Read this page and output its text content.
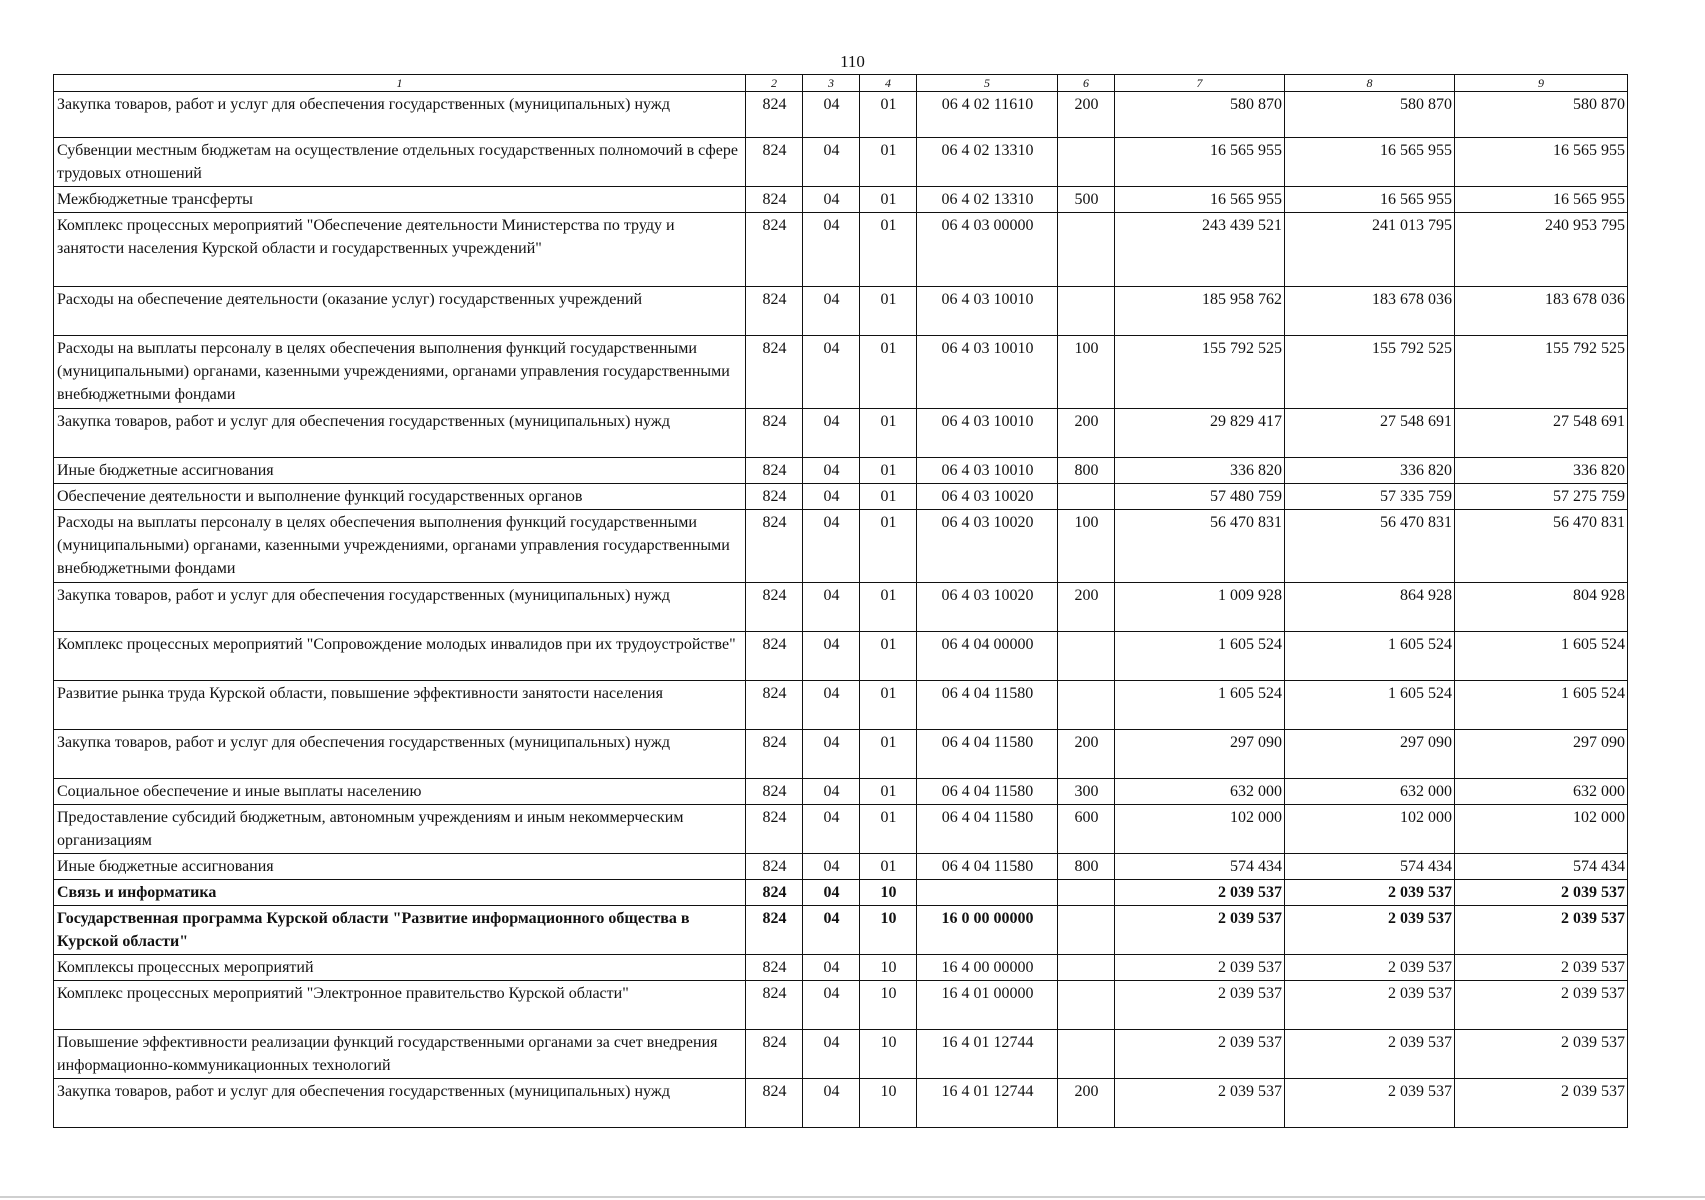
110
1	2	3	4	5	6	7	8	9
Закупка товаров, работ и услуг для обеспечения государственных (муниципальных) нужд	824	04	01	06 4 02 11610	200	580 870	580 870	580 870
Субвенции местным бюджетам на осуществление отдельных государственных полномочий в сфере трудовых отношений	824	04	01	06 4 02 13310		16 565 955	16 565 955	16 565 955
Межбюджетные трансферты	824	04	01	06 4 02 13310	500	16 565 955	16 565 955	16 565 955
Комплекс процессных мероприятий "Обеспечение деятельности Министерства по труду и занятости населения Курской области и государственных учреждений"	824	04	01	06 4 03 00000		243 439 521	241 013 795	240 953 795
Расходы на обеспечение деятельности (оказание услуг) государственных учреждений	824	04	01	06 4 03 10010		185 958 762	183 678 036	183 678 036
Расходы на выплаты персоналу в целях обеспечения выполнения функций государственными (муниципальными) органами, казенными учреждениями, органами управления государственными внебюджетными фондами	824	04	01	06 4 03 10010	100	155 792 525	155 792 525	155 792 525
Закупка товаров, работ и услуг для обеспечения государственных (муниципальных) нужд	824	04	01	06 4 03 10010	200	29 829 417	27 548 691	27 548 691
Иные бюджетные ассигнования	824	04	01	06 4 03 10010	800	336 820	336 820	336 820
Обеспечение деятельности и выполнение функций государственных органов	824	04	01	06 4 03 10020		57 480 759	57 335 759	57 275 759
Расходы на выплаты персоналу в целях обеспечения выполнения функций государственными (муниципальными) органами, казенными учреждениями, органами управления государственными внебюджетными фондами	824	04	01	06 4 03 10020	100	56 470 831	56 470 831	56 470 831
Закупка товаров, работ и услуг для обеспечения государственных (муниципальных) нужд	824	04	01	06 4 03 10020	200	1 009 928	864 928	804 928
Комплекс процессных мероприятий "Сопровождение молодых инвалидов при их трудоустройстве"	824	04	01	06 4 04 00000		1 605 524	1 605 524	1 605 524
Развитие рынка труда Курской области, повышение эффективности занятости населения	824	04	01	06 4 04 11580		1 605 524	1 605 524	1 605 524
Закупка товаров, работ и услуг для обеспечения государственных (муниципальных) нужд	824	04	01	06 4 04 11580	200	297 090	297 090	297 090
Социальное обеспечение и иные выплаты населению	824	04	01	06 4 04 11580	300	632 000	632 000	632 000
Предоставление субсидий бюджетным, автономным учреждениям и иным некоммерческим организациям	824	04	01	06 4 04 11580	600	102 000	102 000	102 000
Иные бюджетные ассигнования	824	04	01	06 4 04 11580	800	574 434	574 434	574 434
Связь и информатика	824	04	10			2 039 537	2 039 537	2 039 537
Государственная программа Курской области "Развитие информационного общества в Курской области"	824	04	10	16 0 00 00000		2 039 537	2 039 537	2 039 537
Комплексы процессных мероприятий	824	04	10	16 4 00 00000		2 039 537	2 039 537	2 039 537
Комплекс процессных мероприятий "Электронное правительство Курской области"	824	04	10	16 4 01 00000		2 039 537	2 039 537	2 039 537
Повышение эффективности реализации функций государственными органами за счет внедрения информационно-коммуникационных технологий	824	04	10	16 4 01 12744		2 039 537	2 039 537	2 039 537
Закупка товаров, работ и услуг для обеспечения государственных (муниципальных) нужд	824	04	10	16 4 01 12744	200	2 039 537	2 039 537	2 039 537
